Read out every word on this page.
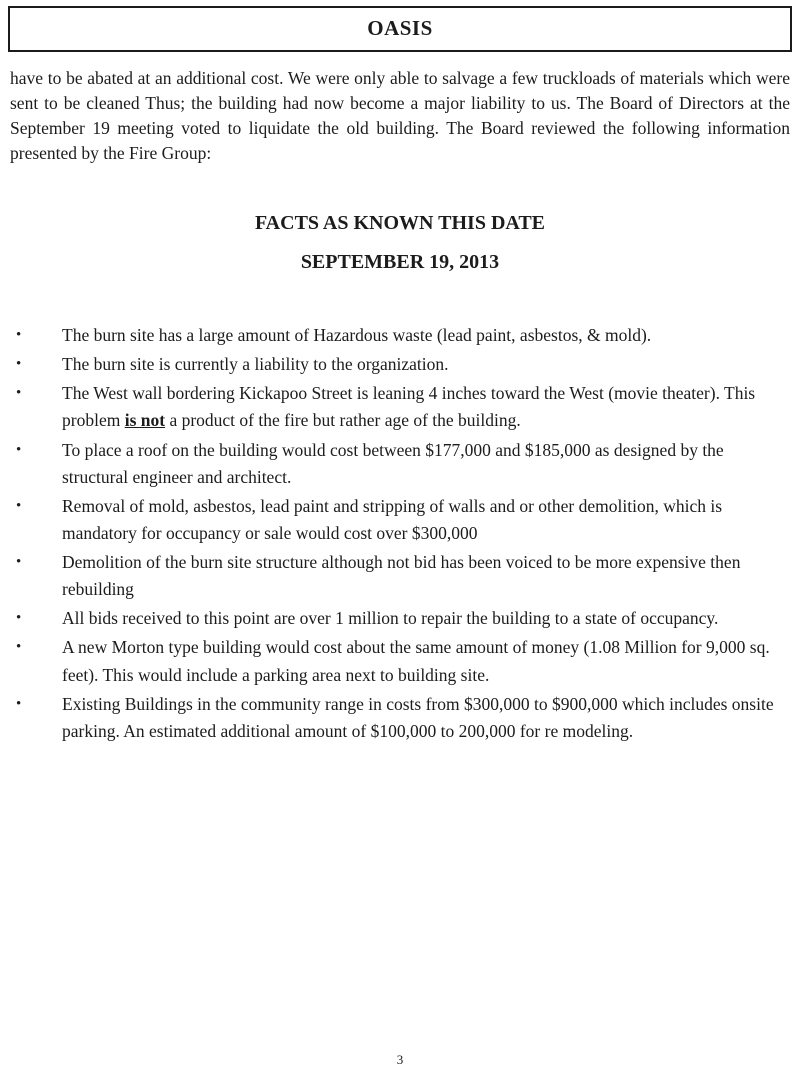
OASIS

have to be abated at an additional cost. We were only able to salvage a few truckloads of materials which were sent to be cleaned Thus; the building had now become a major liability to us. The Board of Directors at the September 19 meeting voted to liquidate the old building. The Board reviewed the following information presented by the Fire Group:

FACTS AS KNOWN THIS DATE

SEPTEMBER 19, 2013

•	The burn site has a large amount of Hazardous waste (lead paint, asbestos, & mold).
•	The burn site is currently a liability to the organization.
•	The West wall bordering Kickapoo Street is leaning 4 inches toward the West (movie theater). This problem is not a product of the fire but rather age of the building.
•	To place a roof on the building would cost between $177,000 and $185,000 as designed by the structural engineer and architect.
•	Removal of mold, asbestos, lead paint and stripping of walls and or other demolition, which is mandatory for occupancy or sale would cost over $300,000
•	Demolition of the burn site structure although not bid has been voiced to be more expensive then rebuilding
•	All bids received to this point are over 1 million to repair the building to a state of occupancy.
•	A new Morton type building would cost about the same amount of money (1.08 Million for 9,000 sq. feet). This would include a parking area next to building site.
•	Existing Buildings in the community range in costs from $300,000 to $900,000 which includes onsite parking. An estimated additional amount of $100,000 to 200,000 for re modeling.
3
